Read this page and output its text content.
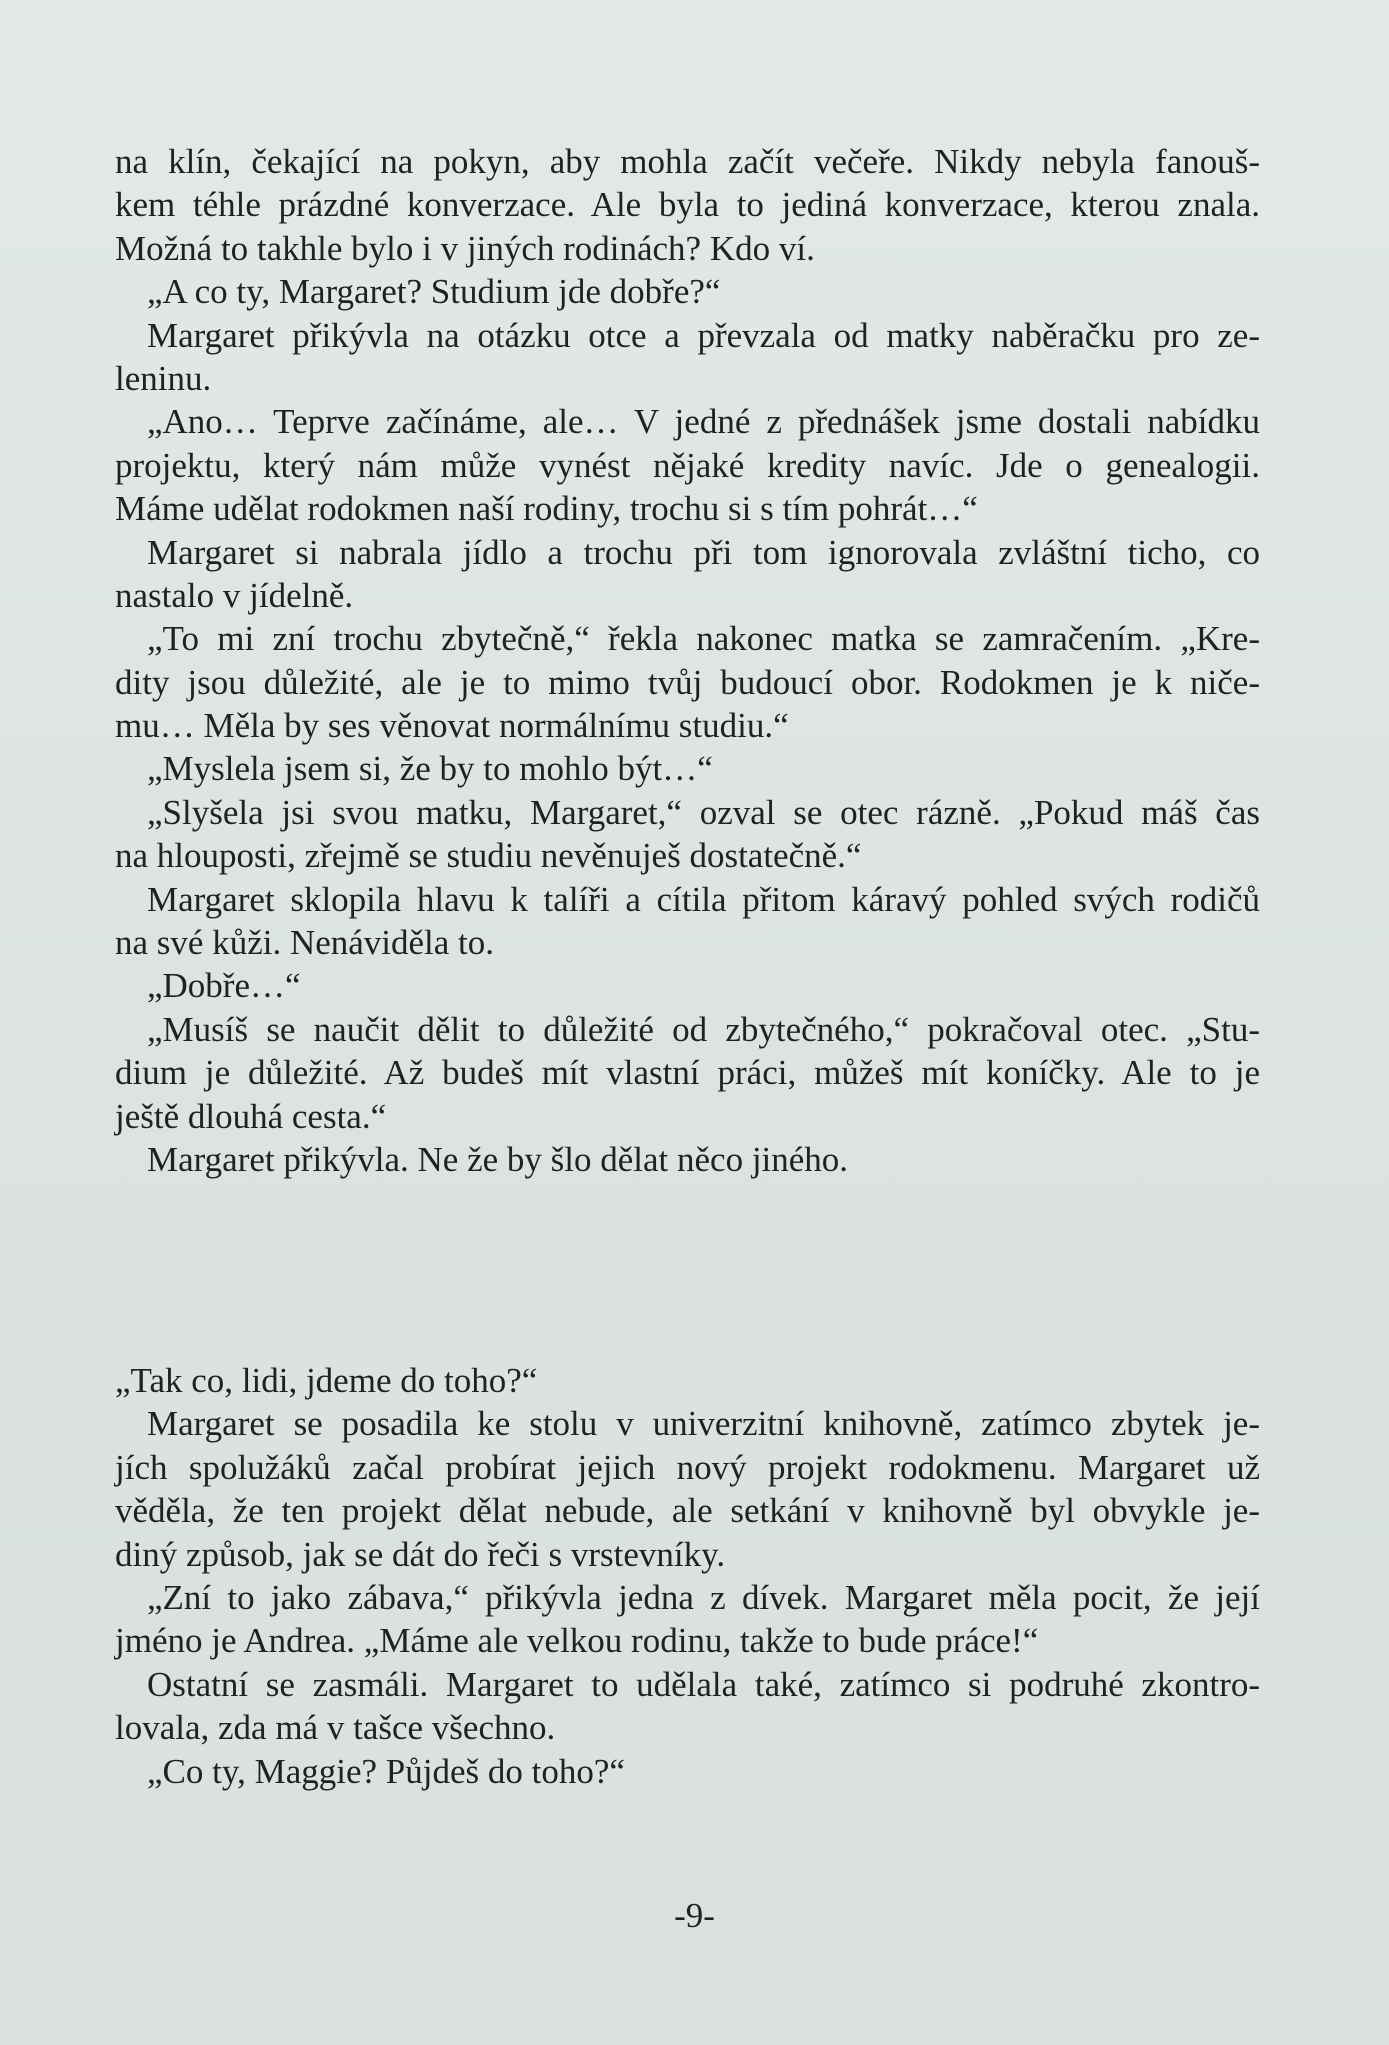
na klín, čekající na pokyn, aby mohla začít večeře. Nikdy nebyla fanouš-
kem téhle prázdné konverzace. Ale byla to jediná konverzace, kterou znala.
Možná to takhle bylo i v jiných rodinách? Kdo ví.
„A co ty, Margaret? Studium jde dobře?“
Margaret přikývla na otázku otce a převzala od matky naběračku pro ze-
leninu.
„Ano… Teprve začínáme, ale… V jedné z přednášek jsme dostali nabídku
projektu, který nám může vynést nějaké kredity navíc. Jde o genealogii.
Máme udělat rodokmen naší rodiny, trochu si s tím pohrát…“
Margaret si nabrala jídlo a trochu při tom ignorovala zvláštní ticho, co
nastalo v jídelně.
„To mi zní trochu zbytečně,“ řekla nakonec matka se zamračením. „Kre-
dity jsou důležité, ale je to mimo tvůj budoucí obor. Rodokmen je k niče-
mu… Měla by ses věnovat normálnímu studiu.“
„Myslela jsem si, že by to mohlo být…“
„Slyšela jsi svou matku, Margaret,“ ozval se otec rázně. „Pokud máš čas
na hlouposti, zřejmě se studiu nevěnuješ dostatečně.“
Margaret sklopila hlavu k talíři a cítila přitom káravý pohled svých rodičů
na své kůži. Nenáviděla to.
„Dobře…“
„Musíš se naučit dělit to důležité od zbytečného,“ pokračoval otec. „Stu-
dium je důležité. Až budeš mít vlastní práci, můžeš mít koníčky. Ale to je
ještě dlouhá cesta.“
Margaret přikývla. Ne že by šlo dělat něco jiného.
„Tak co, lidi, jdeme do toho?“
Margaret se posadila ke stolu v univerzitní knihovně, zatímco zbytek je-
jích spolužáků začal probírat jejich nový projekt rodokmenu. Margaret už
věděla, že ten projekt dělat nebude, ale setkání v knihovně byl obvykle je-
diný způsob, jak se dát do řeči s vrstevníky.
„Zní to jako zábava,“ přikývla jedna z dívek. Margaret měla pocit, že její
jméno je Andrea. „Máme ale velkou rodinu, takže to bude práce!“
Ostatní se zasmáli. Margaret to udělala také, zatímco si podruhé zkontro-
lovala, zda má v tašce všechno.
„Co ty, Maggie? Půjdeš do toho?“
-9-
